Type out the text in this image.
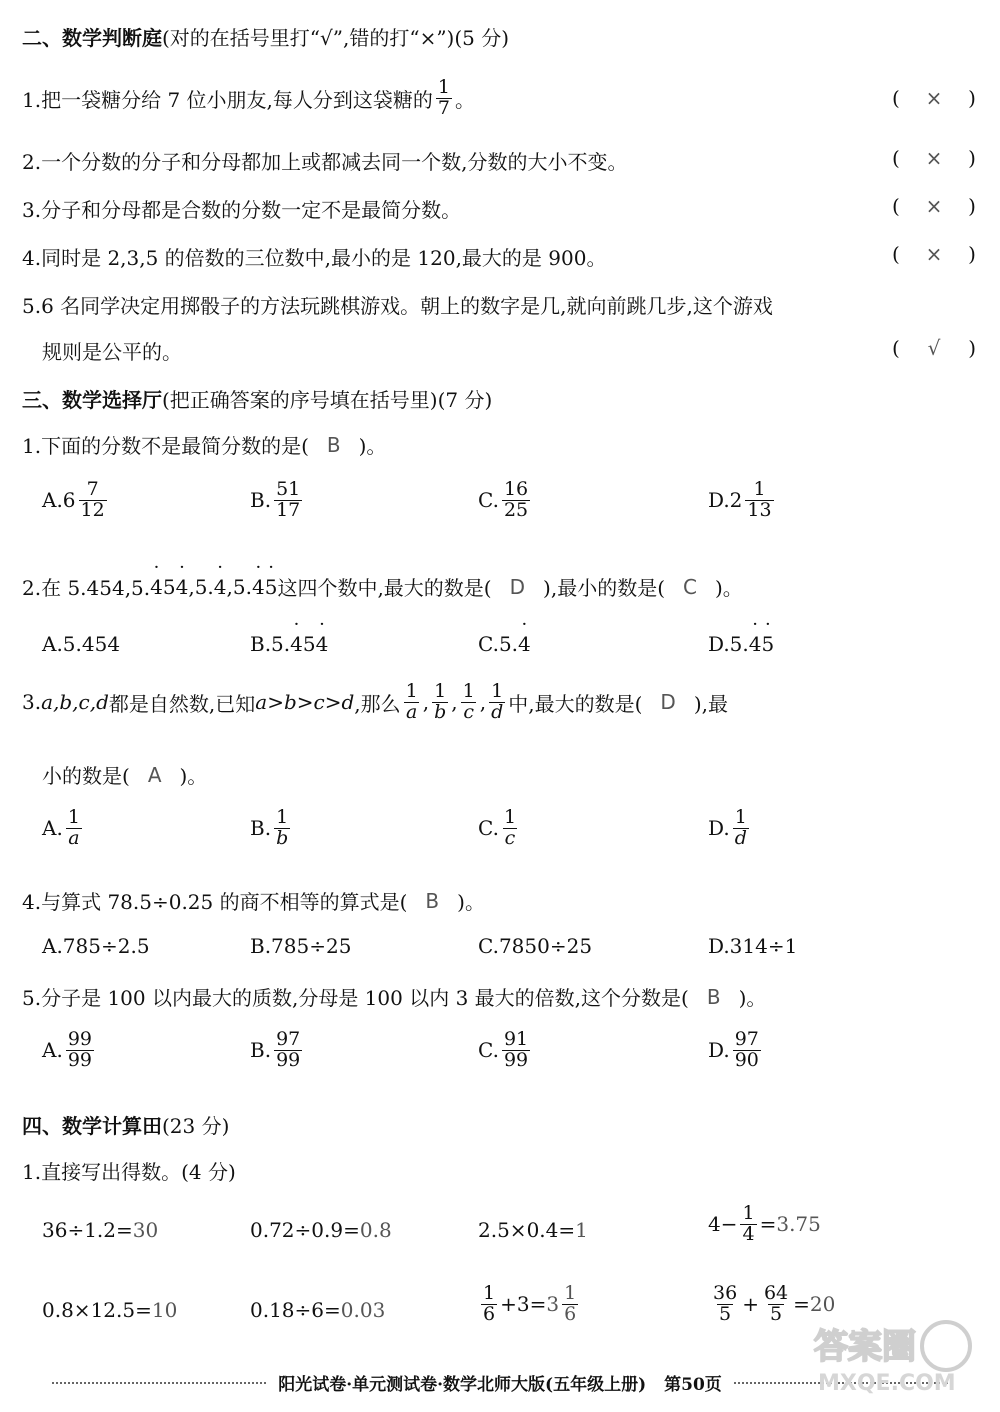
二、数学判断庭 (对的在括号里打“√”,错的打“×”)(5 分)
1.把一袋糖分给 7 位小朋友,每人分到这袋糖的 $\frac{1}{7}$ 。	( × )
2.一个分数的分子和分母都加上或都减去同一个数,分数的大小不变。	( × )
3.分子和分母都是合数的分数一定不是最简分数。	( × )
4.同时是 2,3,5 的倍数的三位数中,最小的是 120,最大的是 900。	( × )
5.6 名同学决定用掷骰子的方法玩跳棋游戏。朝上的数字是几,就向前跳几步,这个游戏
规则是公平的。	( √ )
三、数学选择厅 (把正确答案的序号填在括号里)(7 分)
1.下面的分数不是最简分数的是( B )。
$A.6 \frac{7}{12}$	B. $\frac{51}{17}$	C. $\frac{16}{25}$	$D.2 \frac{1}{13}$
2.在 5.454,5. · 4 5 · 4 ,5. · 4 ,5. · 4 · 5 这四个数中,最大的数是( D ),最小的数是( C )。
A.5.454	B.5. · 4 5 · 4	C.5. · 4	D.5. · 4 · 5
3. a,b,c,d 都是自然数,已知 a>b>c>d ,那么 $\frac{1}{a}$ , $\frac{1}{b}$ , $\frac{1}{c}$ , $\frac{1}{d}$ 中,最大的数是( D ),最
小的数是( A )。
A. $\frac{1}{a}$	B. $\frac{1}{b}$	C. $\frac{1}{c}$	D. $\frac{1}{d}$
4.与算式 78.5÷0.25 的商不相等的算式是( B )。
A.785÷2.5	B.785÷25	C.7850÷25	D.314÷1
5.分子是 100 以内最大的质数,分母是 100 以内 3 最大的倍数,这个分数是( B )。
A. $\frac{99}{99}$	B. $\frac{97}{99}$	C. $\frac{91}{99}$	D. $\frac{97}{90}$
四、数学计算田 (23 分)
1.直接写出得数。(4 分)
36÷1.2= 30	0.72÷0.9= 0.8	2.5×0.4= 1	$4- \frac{1}{4} = 3.75$
0.8×12.5= 10	0.18÷6= 0.03	$\frac{1}{6} +3= 3 \frac{1}{6}$	$\frac{36}{5} + \frac{64}{5} = 20$
阳光试卷·单元测试卷·数学北师大版(五年级上册) 第50页
答案圈
MXQE.COM
